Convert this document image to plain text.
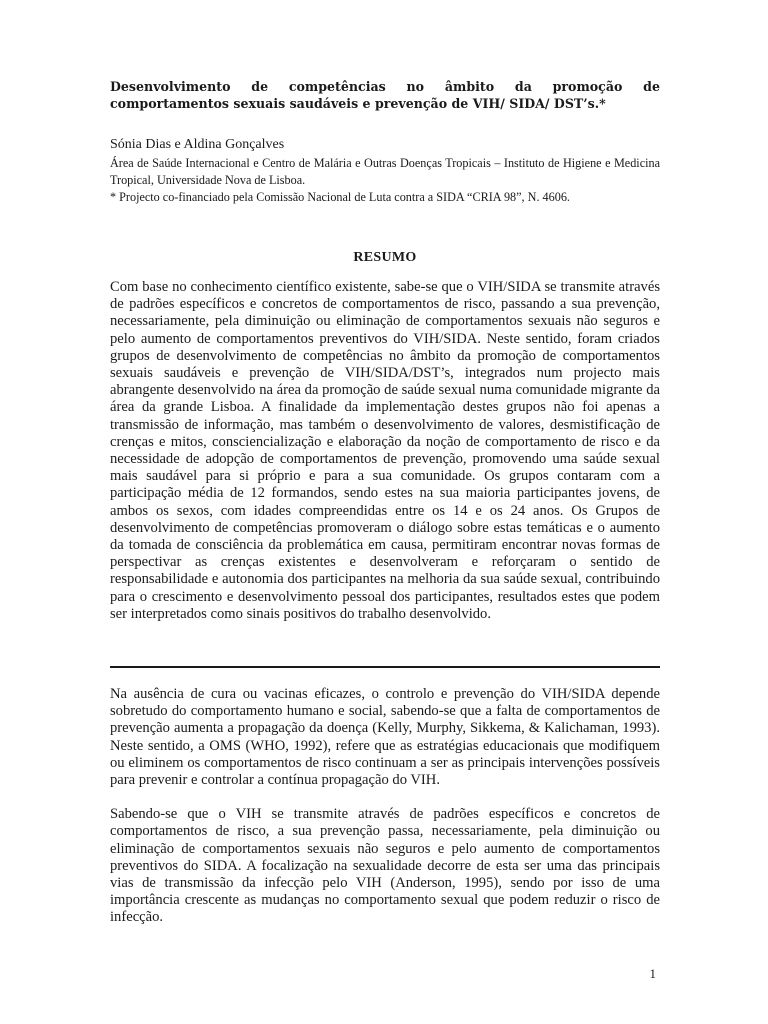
Desenvolvimento de competências no âmbito da promoção de comportamentos sexuais saudáveis e prevenção de VIH/ SIDA/ DST’s.*

Sónia Dias e Aldina Gonçalves

Área de Saúde Internacional e Centro de Malária e Outras Doenças Tropicais – Instituto de Higiene e Medicina Tropical, Universidade Nova de Lisboa.

* Projecto co-financiado pela Comissão Nacional de Luta contra a SIDA “CRIA 98”, N. 4606.

RESUMO

Com base no conhecimento científico existente, sabe-se que o VIH/SIDA se transmite através de padrões específicos e concretos de comportamentos de risco, passando a sua prevenção, necessariamente, pela diminuição ou eliminação de comportamentos sexuais não seguros e pelo aumento de comportamentos preventivos do VIH/SIDA. Neste sentido, foram criados grupos de desenvolvimento de competências no âmbito da promoção de comportamentos sexuais saudáveis e prevenção de VIH/SIDA/DST’s, integrados num projecto mais abrangente desenvolvido na área da promoção de saúde sexual numa comunidade migrante da área da grande Lisboa. A finalidade da implementação destes grupos não foi apenas a transmissão de informação, mas também o desenvolvimento de valores, desmistificação de crenças e mitos, consciencialização e elaboração da noção de comportamento de risco e da necessidade de adopção de comportamentos de prevenção, promovendo uma saúde sexual mais saudável para si próprio e para a sua comunidade. Os grupos contaram com a participação média de 12 formandos, sendo estes na sua maioria participantes jovens, de ambos os sexos, com idades compreendidas entre os 14 e os 24 anos. Os Grupos de desenvolvimento de competências promoveram o diálogo sobre estas temáticas e o aumento da tomada de consciência da problemática em causa, permitiram encontrar novas formas de perspectivar as crenças existentes e desenvolveram e reforçaram o sentido de responsabilidade e autonomia dos participantes na melhoria da sua saúde sexual, contribuindo para o crescimento e desenvolvimento pessoal dos participantes, resultados estes que podem ser interpretados como sinais positivos do trabalho desenvolvido.

Na ausência de cura ou vacinas eficazes, o controlo e prevenção do VIH/SIDA depende sobretudo do comportamento humano e social, sabendo-se que a falta de comportamentos de prevenção aumenta a propagação da doença (Kelly, Murphy, Sikkema, & Kalichaman, 1993). Neste sentido, a OMS (WHO, 1992), refere que as estratégias educacionais que modifiquem ou eliminem os comportamentos de risco continuam a ser as principais intervenções possíveis para prevenir e controlar a contínua propagação do VIH.

Sabendo-se que o VIH se transmite através de padrões específicos e concretos de comportamentos de risco, a sua prevenção passa, necessariamente, pela diminuição ou eliminação de comportamentos sexuais não seguros e pelo aumento de comportamentos preventivos do SIDA. A focalização na sexualidade decorre de esta ser uma das principais vias de transmissão da infecção pelo VIH (Anderson, 1995), sendo por isso de uma importância crescente as mudanças no comportamento sexual que podem reduzir o risco de infecção.

1
